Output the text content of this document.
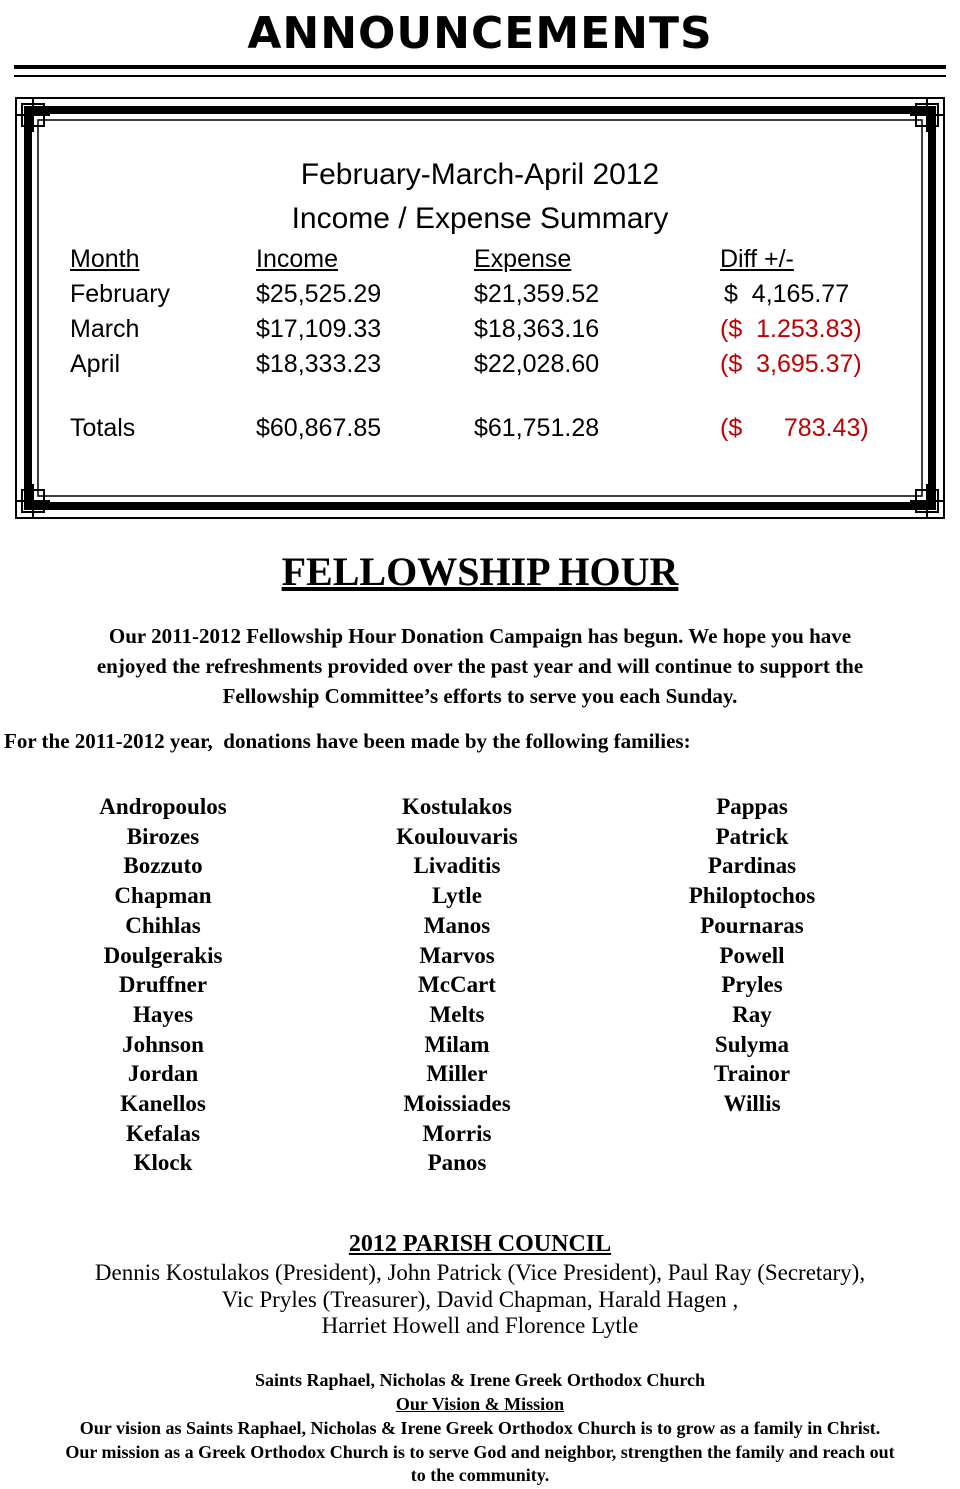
ANNOUNCEMENTS
February-March-April 2012
Income / Expense Summary
Month	Income	Expense	Diff +/-
February	$25,525.29	$21,359.52	$  4,165.77
March	$17,109.33	$18,363.16	($  1.253.83)
April	$18,333.23	$22,028.60	($  3,695.37)
Totals	$60,867.85	$61,751.28	($      783.43)
FELLOWSHIP HOUR
Our 2011-2012 Fellowship Hour Donation Campaign has begun. We hope you have
enjoyed the refreshments provided over the past year and will continue to support the
Fellowship Committee’s efforts to serve you each Sunday.
For the 2011-2012 year,  donations have been made by the following families:
Andropoulos
Birozes
Bozzuto
Chapman
Chihlas
Doulgerakis
Druffner
Hayes
Johnson
Jordan
Kanellos
Kefalas
Klock
Kostulakos
Koulouvaris
Livaditis
Lytle
Manos
Marvos
McCart
Melts
Milam
Miller
Moissiades
Morris
Panos
Pappas
Patrick
Pardinas
Philoptochos
Pournaras
Powell
Pryles
Ray
Sulyma
Trainor
Willis
2012 PARISH COUNCIL
Dennis Kostulakos (President), John Patrick (Vice President), Paul Ray (Secretary),
Vic Pryles (Treasurer), David Chapman, Harald Hagen ,
Harriet Howell and Florence Lytle
Saints Raphael, Nicholas & Irene Greek Orthodox Church
Our Vision & Mission
Our vision as Saints Raphael, Nicholas & Irene Greek Orthodox Church is to grow as a family in Christ.
Our mission as a Greek Orthodox Church is to serve God and neighbor, strengthen the family and reach out
to the community.
